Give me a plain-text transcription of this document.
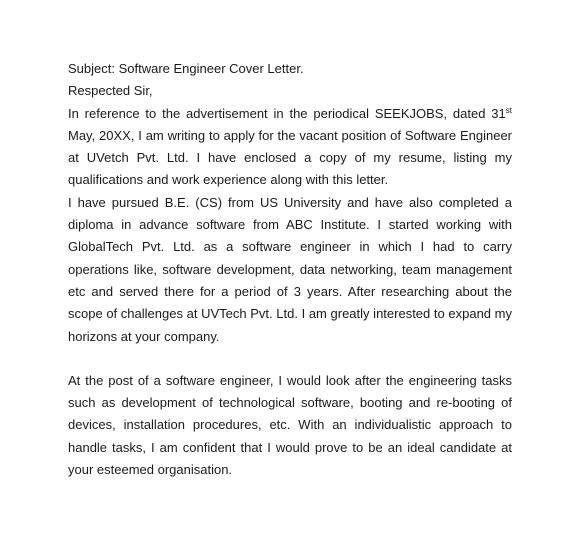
Subject: Software Engineer Cover Letter.

Respected Sir,

In reference to the advertisement in the periodical SEEKJOBS, dated 31st May, 20XX, I am writing to apply for the vacant position of Software Engineer at UVetch Pvt. Ltd. I have enclosed a copy of my resume, listing my qualifications and work experience along with this letter.

I have pursued B.E. (CS) from US University and have also completed a diploma in advance software from ABC Institute. I started working with GlobalTech Pvt. Ltd. as a software engineer in which I had to carry operations like, software development, data networking, team management etc and served there for a period of 3 years. After researching about the scope of challenges at UVTech Pvt. Ltd. I am greatly interested to expand my horizons at your company.

At the post of a software engineer, I would look after the engineering tasks such as development of technological software, booting and re-booting of devices, installation procedures, etc. With an individualistic approach to handle tasks, I am confident that I would prove to be an ideal candidate at your esteemed organisation.
